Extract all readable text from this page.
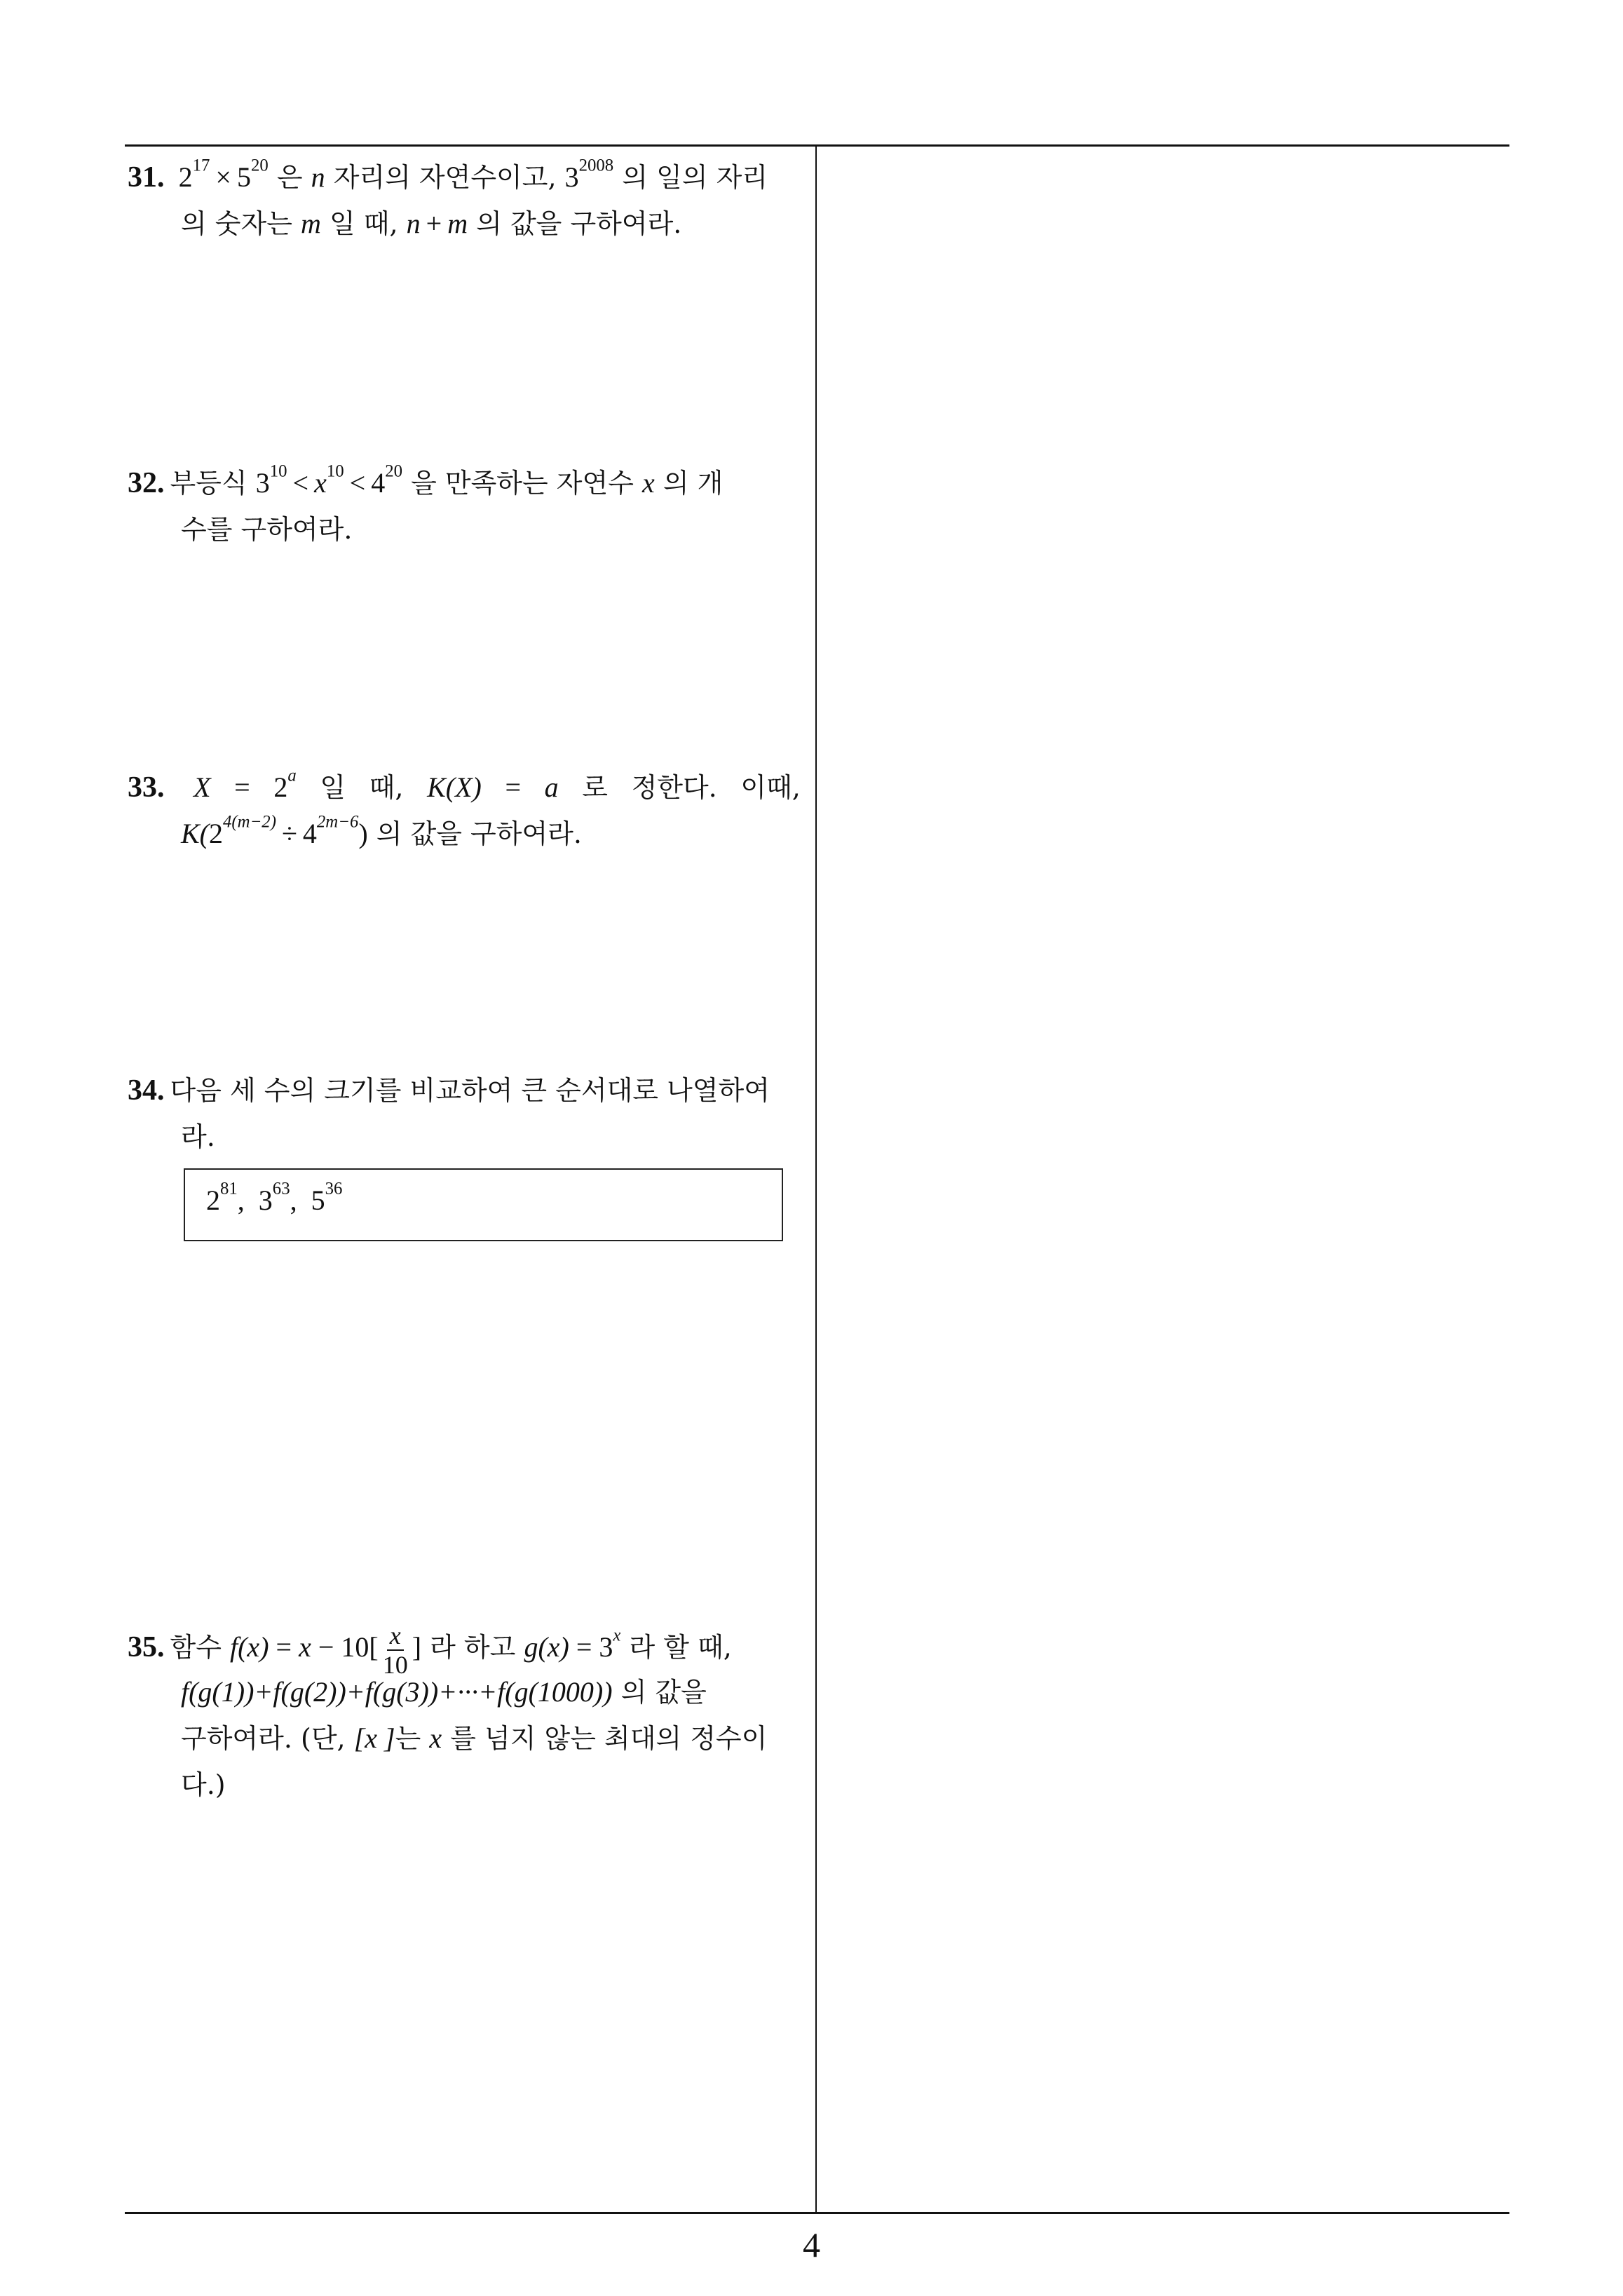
31. $2^{17} \times 5^{20}$ 은 n 자리의 자연수이고, $3^{2008}$ 의 일의 자리
의 숫자는 m 일 때, n + m 의 값을 구하여라.
32. 부등식 $3^{10} < x^{10} < 4^{20}$ 을 만족하는 자연수 x 의 개
수를 구하여라.
33. $X = 2^a$ 일 때, K(X) = a 로 정한다. 이때,
$K(2^{4(m-2)} \div 4^{2m-6})$ 의 값을 구하여라.
34. 다음 세 수의 크기를 비교하여 큰 순서대로 나열하여
라.
$2^{81}$, $3^{63}$, $5^{36}$
35. 함수 $f(x) = x - 10[ \frac{x}{10}$ ] 라 하고 $g(x) = 3^x$ 라 할 때,
f(g(1))+f(g(2))+f(g(3))+···+f(g(1000)) 의 값을
구하여라. (단, [x ]는 x 를 넘지 않는 최대의 정수이
다.)
4
